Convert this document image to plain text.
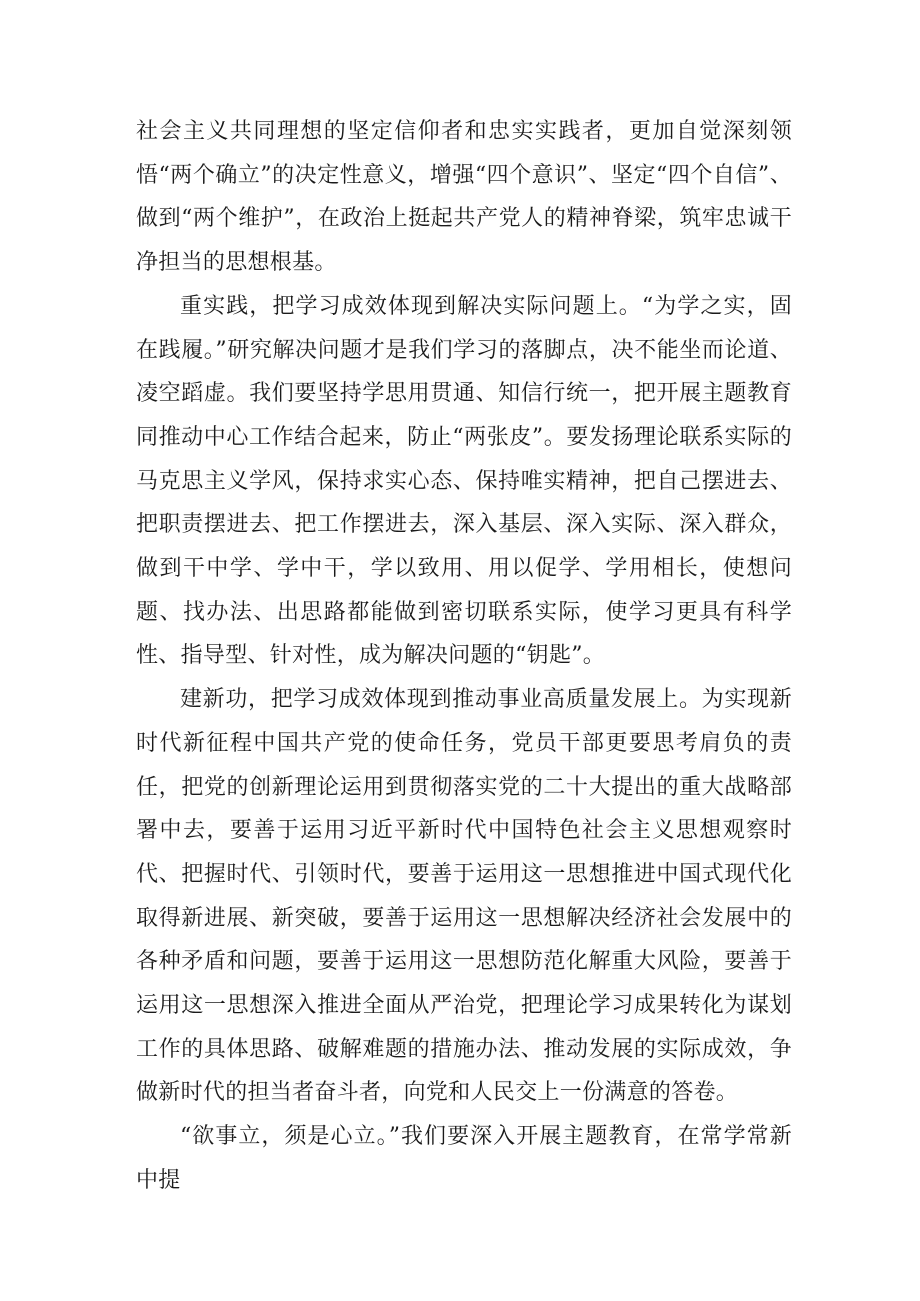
社会主义共同理想的坚定信仰者和忠实实践者，更加自觉深刻领悟“两个确立”的决定性意义，增强“四个意识”、坚定“四个自信”、做到“两个维护”，在政治上挺起共产党人的精神脊梁，筑牢忠诚干净担当的思想根基。

重实践，把学习成效体现到解决实际问题上。“为学之实，固在践履。”研究解决问题才是我们学习的落脚点，决不能坐而论道、凌空蹈虚。我们要坚持学思用贯通、知信行统一，把开展主题教育同推动中心工作结合起来，防止“两张皮”。要发扬理论联系实际的马克思主义学风，保持求实心态、保持唯实精神，把自己摆进去、把职责摆进去、把工作摆进去，深入基层、深入实际、深入群众，做到干中学、学中干，学以致用、用以促学、学用相长，使想问题、找办法、出思路都能做到密切联系实际，使学习更具有科学性、指导型、针对性，成为解决问题的“钥匙”。

建新功，把学习成效体现到推动事业高质量发展上。为实现新时代新征程中国共产党的使命任务，党员干部更要思考肩负的责任，把党的创新理论运用到贯彻落实党的二十大提出的重大战略部署中去，要善于运用习近平新时代中国特色社会主义思想观察时代、把握时代、引领时代，要善于运用这一思想推进中国式现代化取得新进展、新突破，要善于运用这一思想解决经济社会发展中的各种矛盾和问题，要善于运用这一思想防范化解重大风险，要善于运用这一思想深入推进全面从严治党，把理论学习成果转化为谋划工作的具体思路、破解难题的措施办法、推动发展的实际成效，争做新时代的担当者奋斗者，向党和人民交上一份满意的答卷。

“欲事立，须是心立。”我们要深入开展主题教育，在常学常新中提
